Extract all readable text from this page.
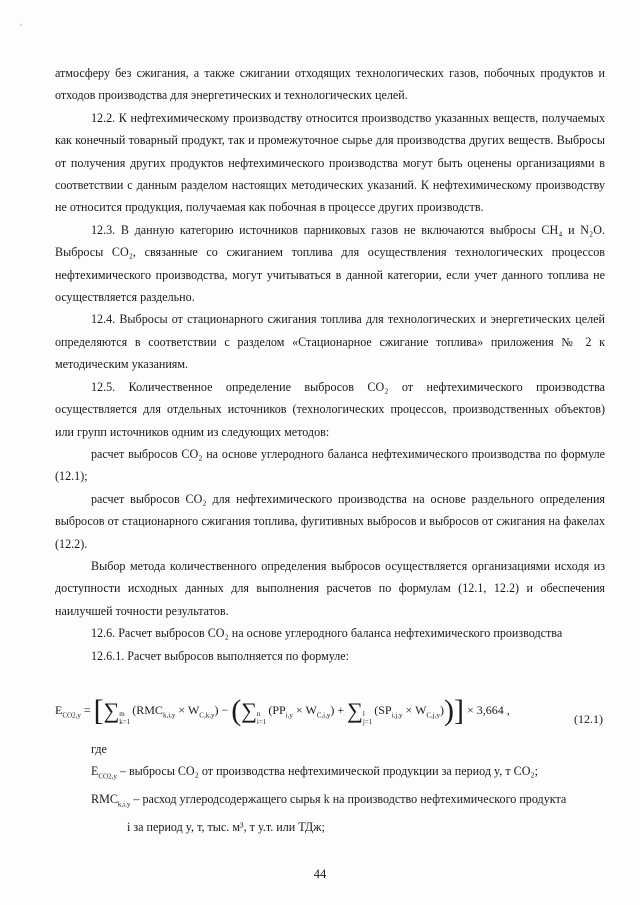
ʹ

атмосферу без сжигания, а также сжигании отходящих технологических газов, побочных продуктов и отходов производства для энергетических и технологических целей.

12.2. К нефтехимическому производству относится производство указанных веществ, получаемых как конечный товарный продукт, так и промежуточное сырье для производства других веществ. Выбросы от получения других продуктов нефтехимического производства могут быть оценены организациями в соответствии с данным разделом настоящих методических указаний. К нефтехимическому производству не относится продукция, получаемая как побочная в процессе других производств.

12.3. В данную категорию источников парниковых газов не включаются выбросы CH₄ и N₂O. Выбросы CO₂, связанные со сжиганием топлива для осуществления технологических процессов нефтехимического производства, могут учитываться в данной категории, если учет данного топлива не осуществляется раздельно.

12.4. Выбросы от стационарного сжигания топлива для технологических и энергетических целей определяются в соответствии с разделом «Стационарное сжигание топлива» приложения № 2 к методическим указаниям.

12.5. Количественное определение выбросов CO₂ от нефтехимического производства осуществляется для отдельных источников (технологических процессов, производственных объектов) или групп источников одним из следующих методов:

расчет выбросов CO₂ на основе углеродного баланса нефтехимического производства по формуле (12.1);

расчет выбросов CO₂ для нефтехимического производства на основе раздельного определения выбросов от стационарного сжигания топлива, фугитивных выбросов и выбросов от сжигания на факелах (12.2).

Выбор метода количественного определения выбросов осуществляется организациями исходя из доступности исходных данных для выполнения расчетов по формулам (12.1, 12.2) и обеспечения наилучшей точности результатов.

12.6. Расчет выбросов CO₂ на основе углеродного баланса нефтехимического производства

12.6.1. Расчет выбросов выполняется по формуле:

$E_{CO2,y}$ = [∑ m
k=1
$(RMC_{k,i,y} \times W_{C,k,y})$ − (∑ n
i=1
$(PP_{i,y} \times W_{C,i,y})$ + ∑ l
j=1
$(SP_{i,j,y} \times W_{C,j,y}))] \times 3,664$ ,
(12.1)

где

$E_{CO2,y}$ – выбросы CO₂ от производства нефтехимической продукции за период y, т CO₂;

$RMC_{k,i,y}$ – расход углеродсодержащего сырья k на производство нефтехимического продукта

i за период y, т, тыс. м³, т у.т. или ТДж;

44
